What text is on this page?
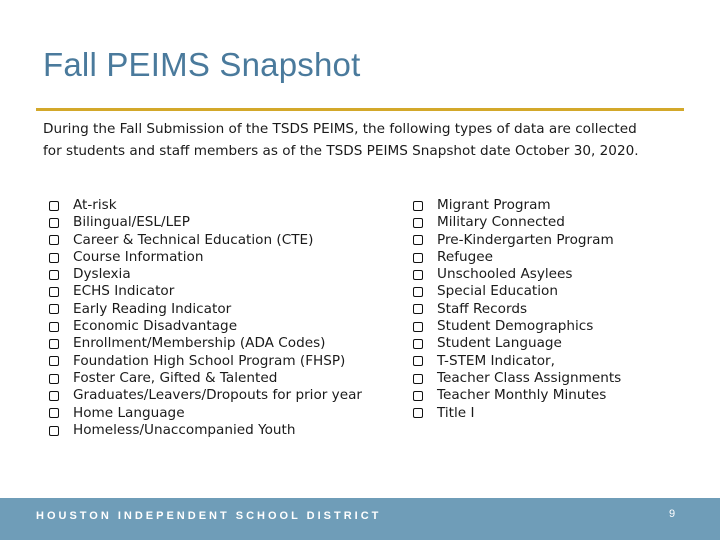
Fall PEIMS Snapshot
During the Fall Submission of the TSDS PEIMS, the following types of data are collected for students and staff members as of the TSDS PEIMS Snapshot date October 30, 2020.
At-risk
Bilingual/ESL/LEP
Career & Technical Education (CTE)
Course Information
Dyslexia
ECHS Indicator
Early Reading Indicator
Economic Disadvantage
Enrollment/Membership (ADA Codes)
Foundation High School Program (FHSP)
Foster Care, Gifted & Talented
Graduates/Leavers/Dropouts for prior year
Home Language
Homeless/Unaccompanied Youth
Migrant Program
Military Connected
Pre-Kindergarten Program
Refugee
Unschooled Asylees
Special Education
Staff Records
Student Demographics
Student Language
T-STEM Indicator,
Teacher Class Assignments
Teacher Monthly Minutes
Title I
HOUSTON INDEPENDENT SCHOOL DISTRICT	9
